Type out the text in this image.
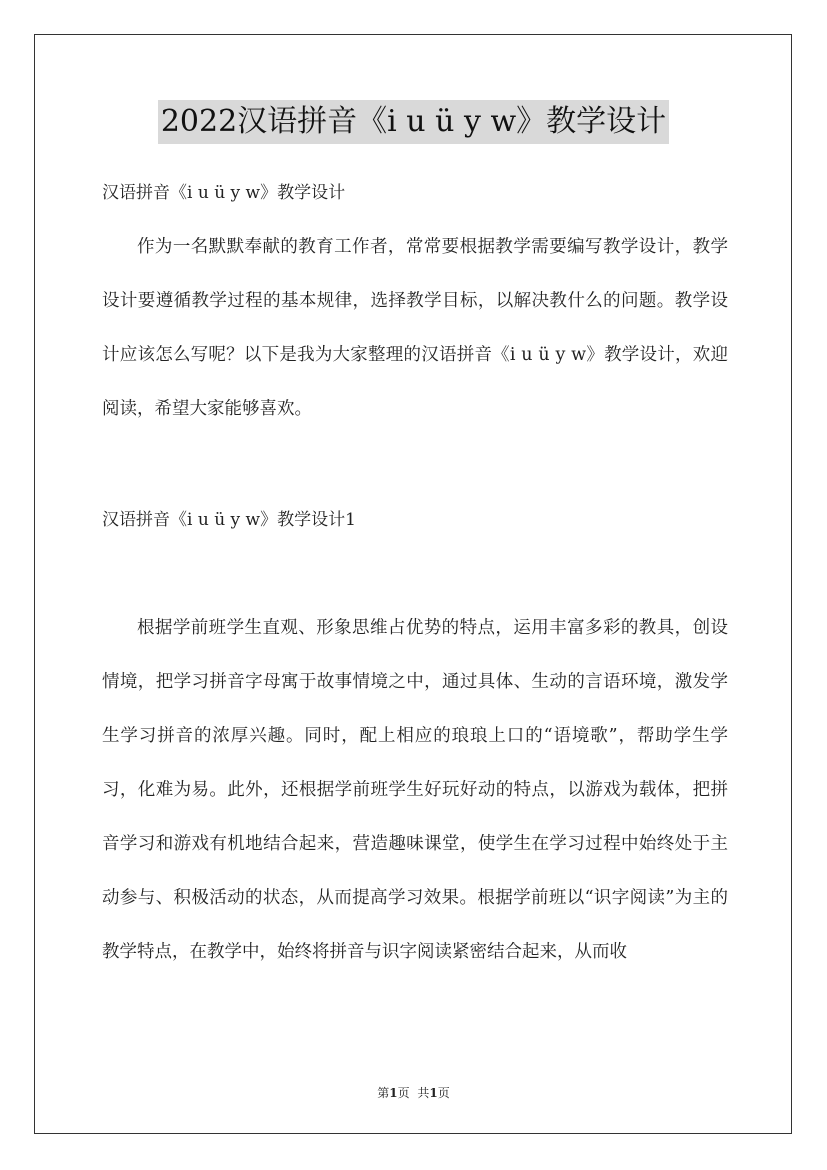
2022汉语拼音《i u ü y w》教学设计
汉语拼音《i u ü y w》教学设计

作为一名默默奉献的教育工作者，常常要根据教学需要编写教学设计，教学设计要遵循教学过程的基本规律，选择教学目标，以解决教什么的问题。教学设计应该怎么写呢？以下是我为大家整理的汉语拼音《i u ü y w》教学设计，欢迎阅读，希望大家能够喜欢。

汉语拼音《i u ü y w》教学设计1

根据学前班学生直观、形象思维占优势的特点，运用丰富多彩的教具，创设情境，把学习拼音字母寓于故事情境之中，通过具体、生动的言语环境，激发学生学习拼音的浓厚兴趣。同时，配上相应的琅琅上口的“语境歌”，帮助学生学习，化难为易。此外，还根据学前班学生好玩好动的特点，以游戏为载体，把拼音学习和游戏有机地结合起来，营造趣味课堂，使学生在学习过程中始终处于主动参与、积极活动的状态，从而提高学习效果。根据学前班以“识字阅读”为主的教学特点，在教学中，始终将拼音与识字阅读紧密结合起来，从而收

第1页 共1页
